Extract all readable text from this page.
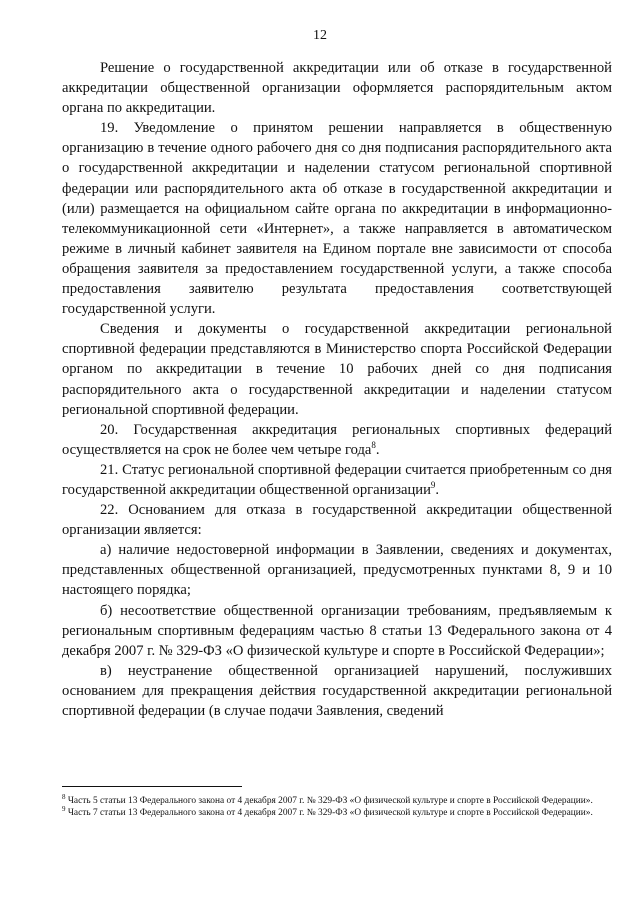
12

Решение о государственной аккредитации или об отказе в государственной аккредитации общественной организации оформляется распорядительным актом органа по аккредитации.

19. Уведомление о принятом решении направляется в общественную организацию в течение одного рабочего дня со дня подписания распорядительного акта о государственной аккредитации и наделении статусом региональной спортивной федерации или распорядительного акта об отказе в государственной аккредитации и (или) размещается на официальном сайте органа по аккредитации в информационно-телекоммуникационной сети «Интернет», а также направляется в автоматическом режиме в личный кабинет заявителя на Едином портале вне зависимости от способа обращения заявителя за предоставлением государственной услуги, а также способа предоставления заявителю результата предоставления соответствующей государственной услуги.

Сведения и документы о государственной аккредитации региональной спортивной федерации представляются в Министерство спорта Российской Федерации органом по аккредитации в течение 10 рабочих дней со дня подписания распорядительного акта о государственной аккредитации и наделении статусом региональной спортивной федерации.

20. Государственная аккредитация региональных спортивных федераций осуществляется на срок не более чем четыре года$^8$.

21. Статус региональной спортивной федерации считается приобретенным со дня государственной аккредитации общественной организации$^9$.

22. Основанием для отказа в государственной аккредитации общественной организации является:

а) наличие недостоверной информации в Заявлении, сведениях и документах, представленных общественной организацией, предусмотренных пунктами 8, 9 и 10 настоящего порядка;

б) несоответствие общественной организации требованиям, предъявляемым к региональным спортивным федерациям частью 8 статьи 13 Федерального закона от 4 декабря 2007 г. № 329-ФЗ «О физической культуре и спорте в Российской Федерации»;

в) неустранение общественной организацией нарушений, послуживших основанием для прекращения действия государственной аккредитации региональной спортивной федерации (в случае подачи Заявления, сведений

$^8$ Часть 5 статьи 13 Федерального закона от 4 декабря 2007 г. № 329-ФЗ «О физической культуре и спорте в Российской Федерации».

$^9$ Часть 7 статьи 13 Федерального закона от 4 декабря 2007 г. № 329-ФЗ «О физической культуре и спорте в Российской Федерации».
